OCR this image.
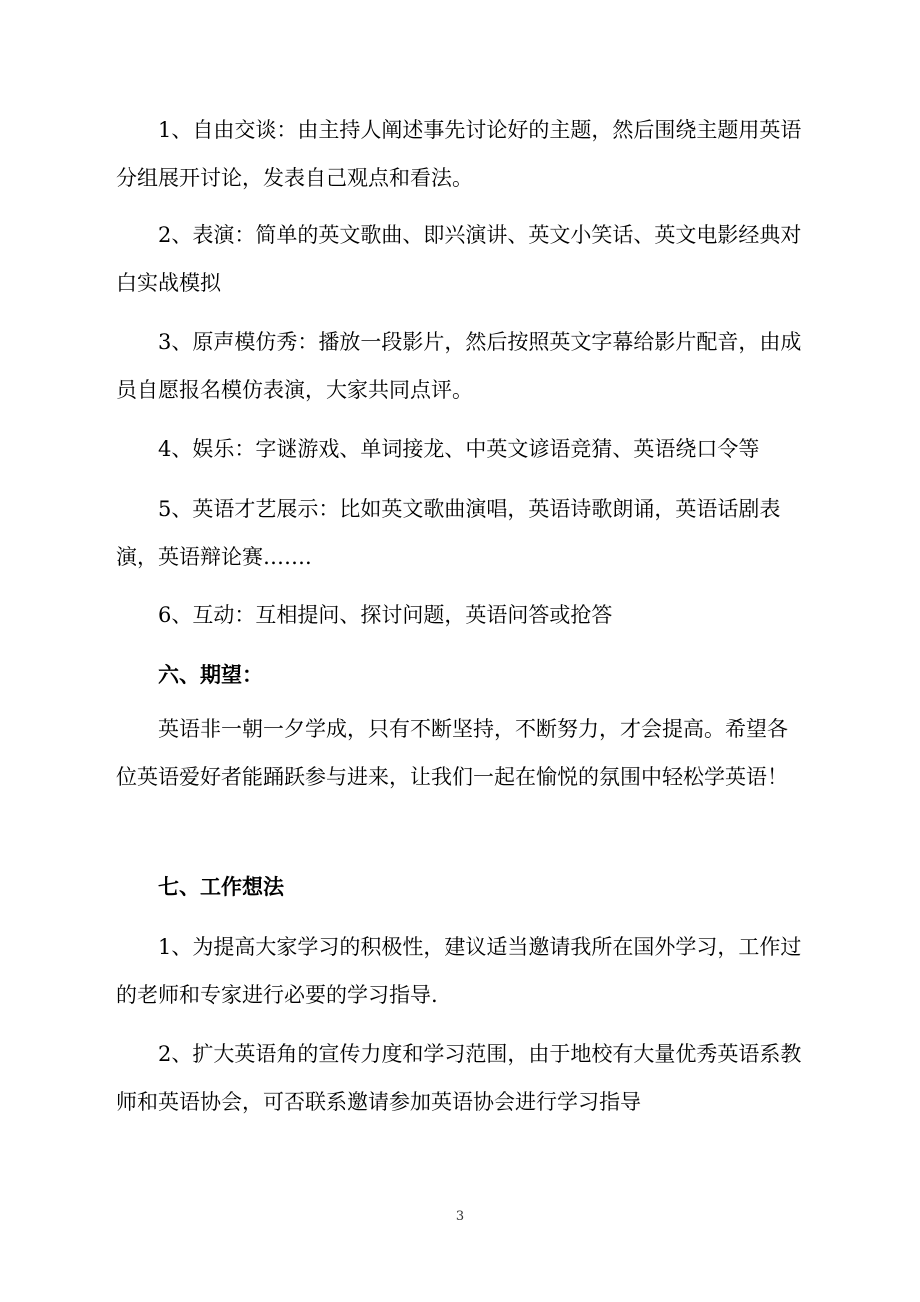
1、自由交谈：由主持人阐述事先讨论好的主题，然后围绕主题用英语分组展开讨论，发表自己观点和看法。

2、表演：简单的英文歌曲、即兴演讲、英文小笑话、英文电影经典对白实战模拟

3、原声模仿秀：播放一段影片，然后按照英文字幕给影片配音，由成员自愿报名模仿表演，大家共同点评。

4、娱乐：字谜游戏、单词接龙、中英文谚语竞猜、英语绕口令等

5、英语才艺展示：比如英文歌曲演唱，英语诗歌朗诵，英语话剧表演，英语辩论赛…….

6、互动：互相提问、探讨问题，英语问答或抢答

六、期望：

英语非一朝一夕学成，只有不断坚持，不断努力，才会提高。希望各位英语爱好者能踊跃参与进来，让我们一起在愉悦的氛围中轻松学英语！

七、工作想法

1、为提高大家学习的积极性，建议适当邀请我所在国外学习，工作过的老师和专家进行必要的学习指导.

2、扩大英语角的宣传力度和学习范围，由于地校有大量优秀英语系教师和英语协会，可否联系邀请参加英语协会进行学习指导

3
